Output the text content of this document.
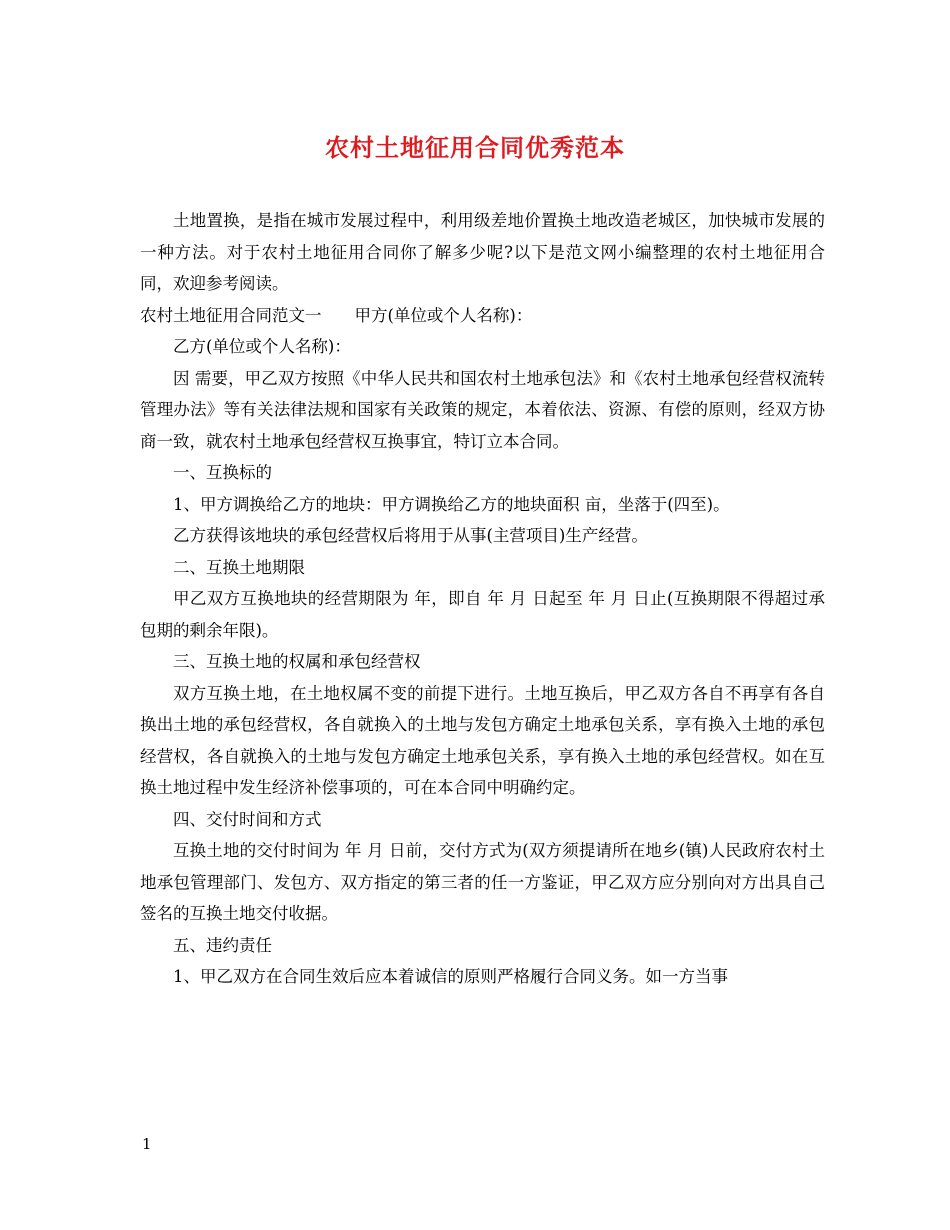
农村土地征用合同优秀范本

土地置换，是指在城市发展过程中，利用级差地价置换土地改造老城区，加快城市发展的一种方法。对于农村土地征用合同你了解多少呢?以下是范文网小编整理的农村土地征用合同，欢迎参考阅读。

农村土地征用合同范文一　　甲方(单位或个人名称)：

乙方(单位或个人名称)：

因 需要，甲乙双方按照《中华人民共和国农村土地承包法》和《农村土地承包经营权流转管理办法》等有关法律法规和国家有关政策的规定，本着依法、资源、有偿的原则，经双方协商一致，就农村土地承包经营权互换事宜，特订立本合同。

一、互换标的

1、甲方调换给乙方的地块：甲方调换给乙方的地块面积 亩，坐落于(四至)。

乙方获得该地块的承包经营权后将用于从事(主营项目)生产经营。

二、互换土地期限

甲乙双方互换地块的经营期限为 年，即自 年 月 日起至 年 月 日止(互换期限不得超过承包期的剩余年限)。

三、互换土地的权属和承包经营权

双方互换土地，在土地权属不变的前提下进行。土地互换后，甲乙双方各自不再享有各自换出土地的承包经营权，各自就换入的土地与发包方确定土地承包关系，享有换入土地的承包经营权，各自就换入的土地与发包方确定土地承包关系，享有换入土地的承包经营权。如在互换土地过程中发生经济补偿事项的，可在本合同中明确约定。

四、交付时间和方式

互换土地的交付时间为 年 月 日前，交付方式为(双方须提请所在地乡(镇)人民政府农村土地承包管理部门、发包方、双方指定的第三者的任一方鉴证，甲乙双方应分别向对方出具自己签名的互换土地交付收据。

五、违约责任

1、甲乙双方在合同生效后应本着诚信的原则严格履行合同义务。如一方当事

1
